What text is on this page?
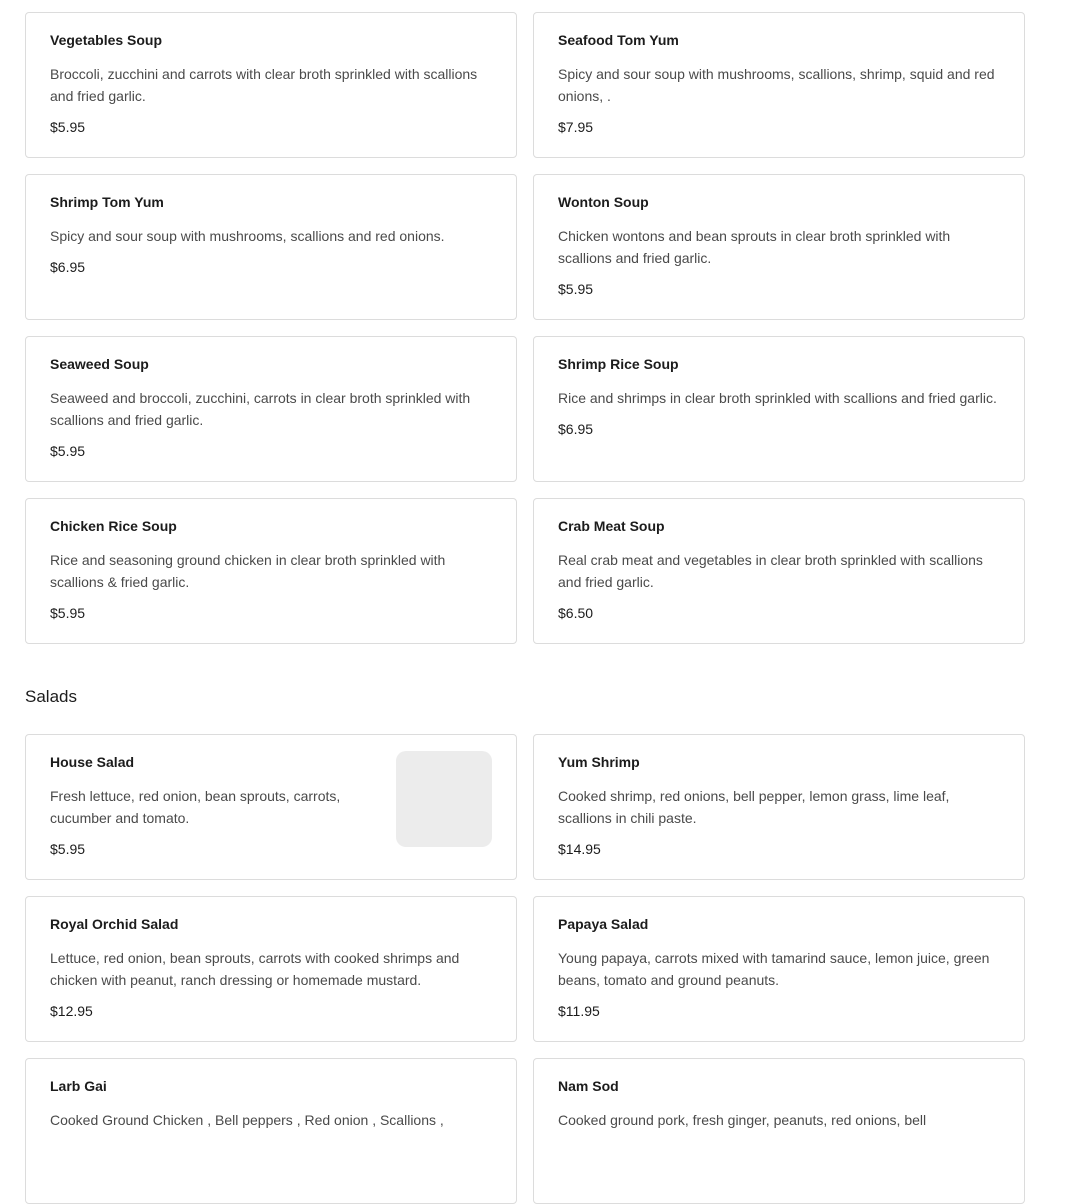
Vegetables Soup
Broccoli, zucchini and carrots with clear broth sprinkled with scallions and fried garlic.
$5.95
Seafood Tom Yum
Spicy and sour soup with mushrooms, scallions, shrimp, squid and red onions, .
$7.95
Shrimp Tom Yum
Spicy and sour soup with mushrooms, scallions and red onions.
$6.95
Wonton Soup
Chicken wontons and bean sprouts in clear broth sprinkled with scallions and fried garlic.
$5.95
Seaweed Soup
Seaweed and broccoli, zucchini, carrots in clear broth sprinkled with scallions and fried garlic.
$5.95
Shrimp Rice Soup
Rice and shrimps in clear broth sprinkled with scallions and fried garlic.
$6.95
Chicken Rice Soup
Rice and seasoning ground chicken in clear broth sprinkled with scallions & fried garlic.
$5.95
Crab Meat Soup
Real crab meat and vegetables in clear broth sprinkled with scallions and fried garlic.
$6.50
Salads
House Salad
Fresh lettuce, red onion, bean sprouts, carrots, cucumber and tomato.
$5.95
Yum Shrimp
Cooked shrimp, red onions, bell pepper, lemon grass, lime leaf, scallions in chili paste.
$14.95
Royal Orchid Salad
Lettuce, red onion, bean sprouts, carrots with cooked shrimps and chicken with peanut, ranch dressing or homemade mustard.
$12.95
Papaya Salad
Young papaya, carrots mixed with tamarind sauce, lemon juice, green beans, tomato and ground peanuts.
$11.95
Larb Gai
Cooked Ground Chicken , Bell peppers , Red onion , Scallions ,
Nam Sod
Cooked ground pork, fresh ginger, peanuts, red onions, bell
